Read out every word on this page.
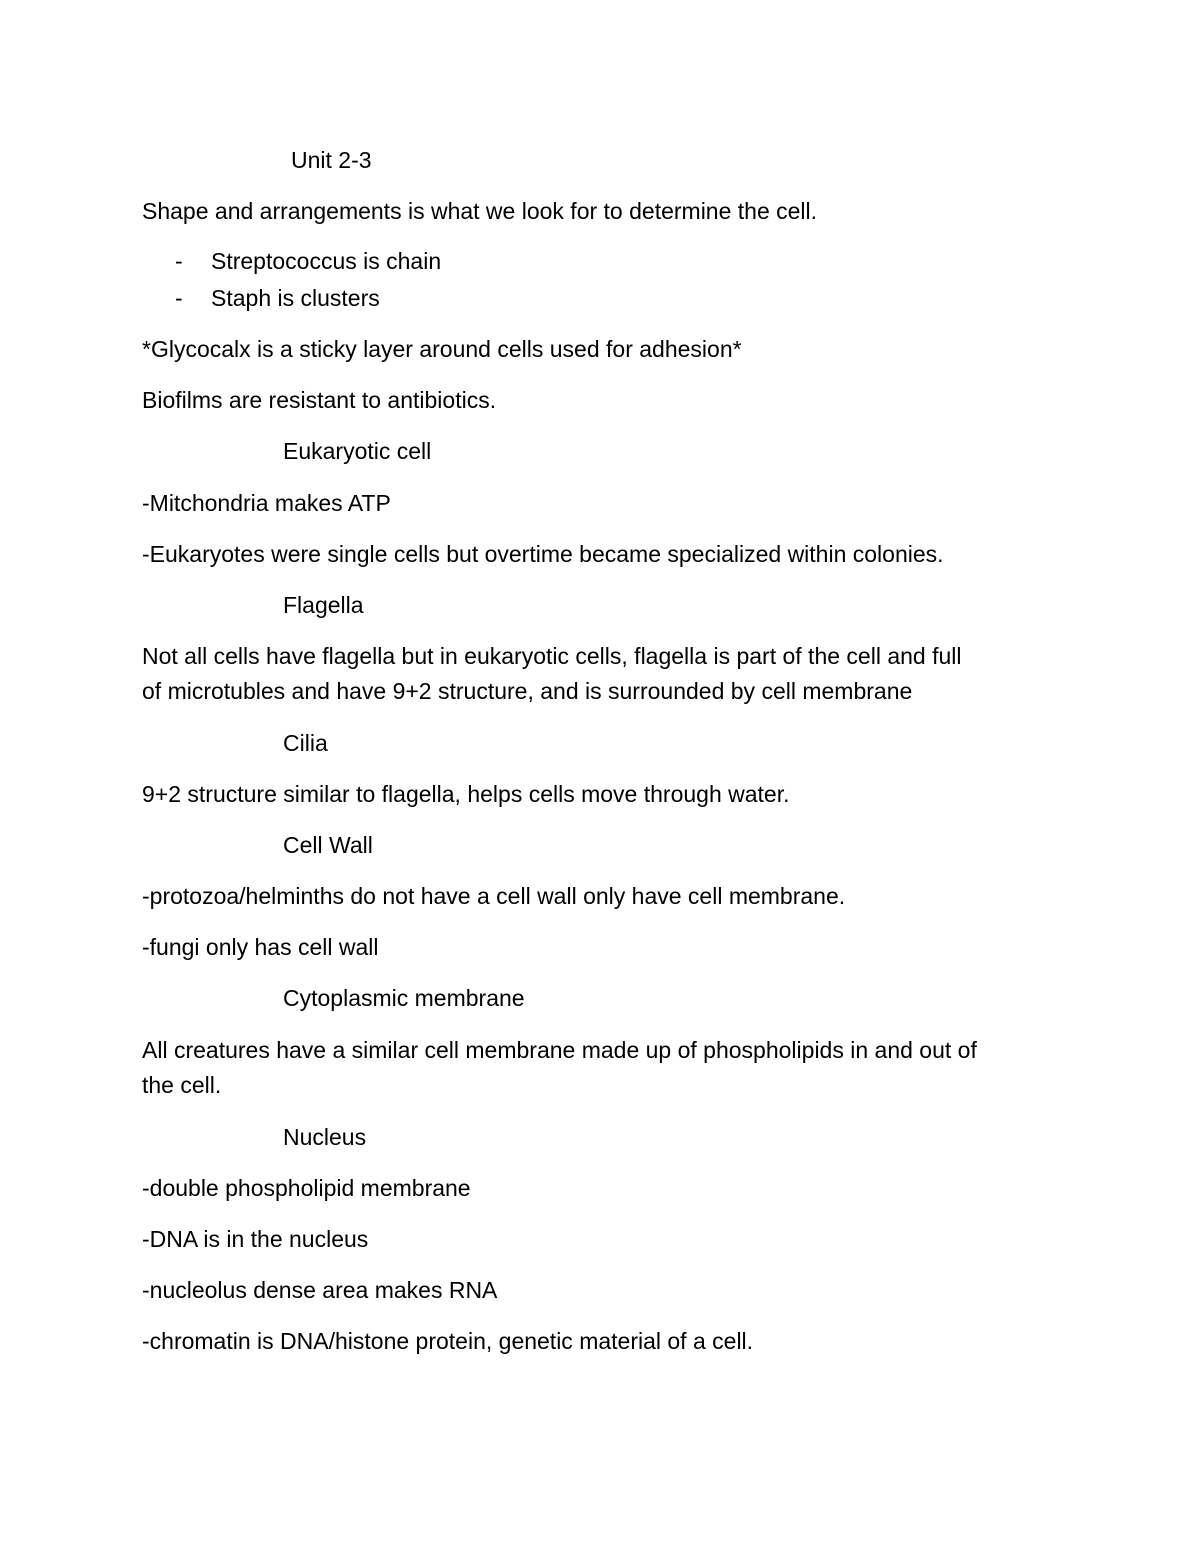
Unit 2-3
Shape and arrangements is what we look for to determine the cell.
- Streptococcus is chain
- Staph is clusters
*Glycocalx is a sticky layer around cells used for adhesion*
Biofilms are resistant to antibiotics.
Eukaryotic cell
-Mitchondria makes ATP
-Eukaryotes were single cells but overtime became specialized within colonies.
Flagella
Not all cells have flagella but in eukaryotic cells, flagella is part of the cell and full
of microtubles and have 9+2 structure, and is surrounded by cell membrane
Cilia
9+2 structure similar to flagella, helps cells move through water.
Cell Wall
-protozoa/helminths do not have a cell wall only have cell membrane.
-fungi only has cell wall
Cytoplasmic membrane
All creatures have a similar cell membrane made up of phospholipids in and out of
the cell.
Nucleus
-double phospholipid membrane
-DNA is in the nucleus
-nucleolus dense area makes RNA
-chromatin is DNA/histone protein, genetic material of a cell.
